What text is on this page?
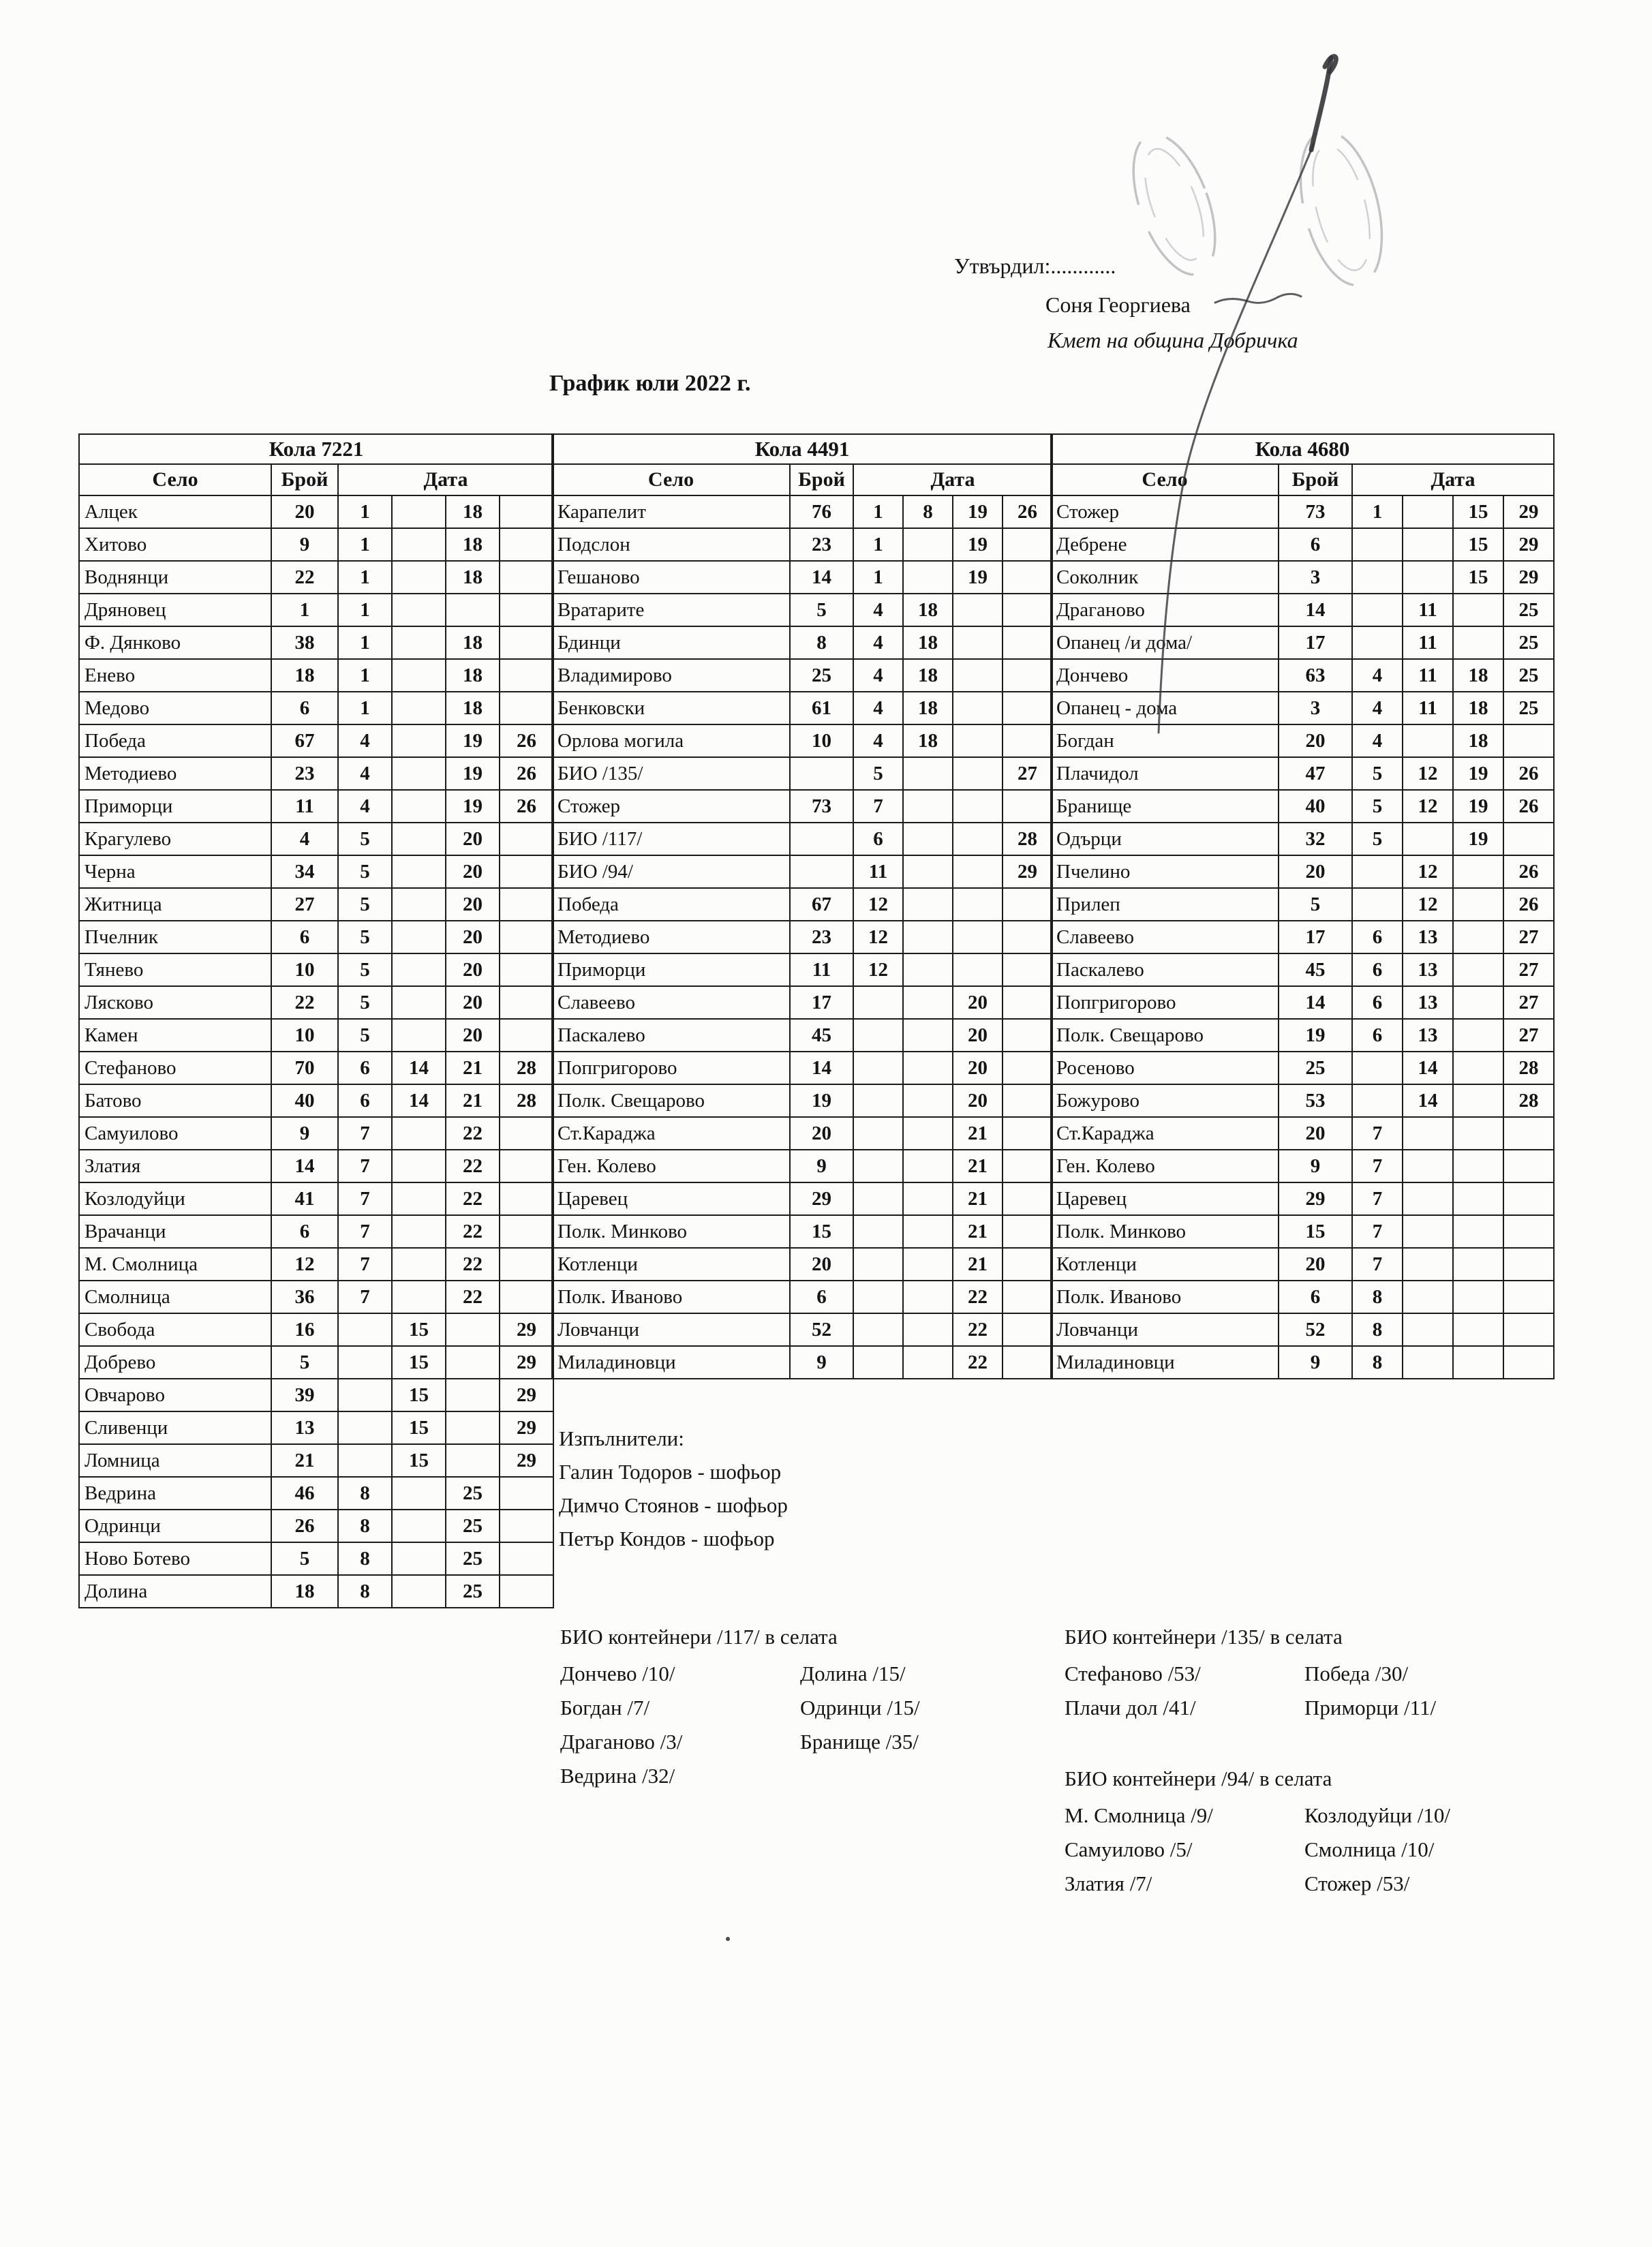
Утвърдил:............
Соня Георгиева
Кмет на община Добричка
График юли 2022 г.
Кола 7221					
Село	Брой	Дата			
Алцек	20	1		18	
Хитово	9	1		18	
Воднянци	22	1		18	
Дряновец	1	1			
Ф. Дянково	38	1		18	
Енево	18	1		18	
Медово	6	1		18	
Победа	67	4		19	26
Методиево	23	4		19	26
Приморци	11	4		19	26
Крагулево	4	5		20	
Черна	34	5		20	
Житница	27	5		20	
Пчелник	6	5		20	
Тянево	10	5		20	
Лясково	22	5		20	
Камен	10	5		20	
Стефаново	70	6	14	21	28
Батово	40	6	14	21	28
Самуилово	9	7		22	
Златия	14	7		22	
Козлодуйци	41	7		22	
Врачанци	6	7		22	
М. Смолница	12	7		22	
Смолница	36	7		22	
Свобода	16		15		29
Добрево	5		15		29
Овчарово	39		15		29
Сливенци	13		15		29
Ломница	21		15		29
Ведрина	46	8		25	
Одринци	26	8		25	
Ново Ботево	5	8		25	
Долина	18	8		25	
Кола 4491					
Село	Брой	Дата			
Карапелит	76	1	8	19	26
Подслон	23	1		19	
Гешаново	14	1		19	
Вратарите	5	4	18		
Бдинци	8	4	18		
Владимирово	25	4	18		
Бенковски	61	4	18		
Орлова могила	10	4	18		
БИО /135/		5			27
Стожер	73	7			
БИО /117/		6			28
БИО /94/		11			29
Победа	67	12			
Методиево	23	12			
Приморци	11	12			
Славеево	17			20	
Паскалево	45			20	
Попгригорово	14			20	
Полк. Свещарово	19			20	
Ст.Караджа	20			21	
Ген. Колево	9			21	
Царевец	29			21	
Полк. Минково	15			21	
Котленци	20			21	
Полк. Иваново	6			22	
Ловчанци	52			22	
Миладиновци	9			22	
Кола 4680					
Село	Брой	Дата			
Стожер	73	1		15	29
Дебрене	6			15	29
Соколник	3			15	29
Драганово	14		11		25
Опанец /и дома/	17		11		25
Дончево	63	4	11	18	25
Опанец - дома	3	4	11	18	25
Богдан	20	4		18	
Плачидол	47	5	12	19	26
Бранище	40	5	12	19	26
Одърци	32	5		19	
Пчелино	20		12		26
Прилеп	5		12		26
Славеево	17	6	13		27
Паскалево	45	6	13		27
Попгригорово	14	6	13		27
Полк. Свещарово	19	6	13		27
Росеново	25		14		28
Божурово	53		14		28
Ст.Караджа	20	7			
Ген. Колево	9	7			
Царевец	29	7			
Полк. Минково	15	7			
Котленци	20	7			
Полк. Иваново	6	8			
Ловчанци	52	8			
Миладиновци	9	8			
Изпълнители:
Галин Тодоров - шофьор
Димчо Стоянов - шофьор
Петър Кондов - шофьор
БИО контейнери /117/ в селата
Дончево /10/	Долина /15/
Богдан /7/	Одринци /15/
Драганово /3/	Бранище /35/
Ведрина /32/
БИО контейнери /135/ в селата
Стефаново /53/	Победа /30/
Плачи дол /41/	Приморци /11/
БИО контейнери /94/ в селата
М. Смолница /9/	Козлодуйци /10/
Самуилово /5/	Смолница /10/
Златия /7/	Стожер /53/
